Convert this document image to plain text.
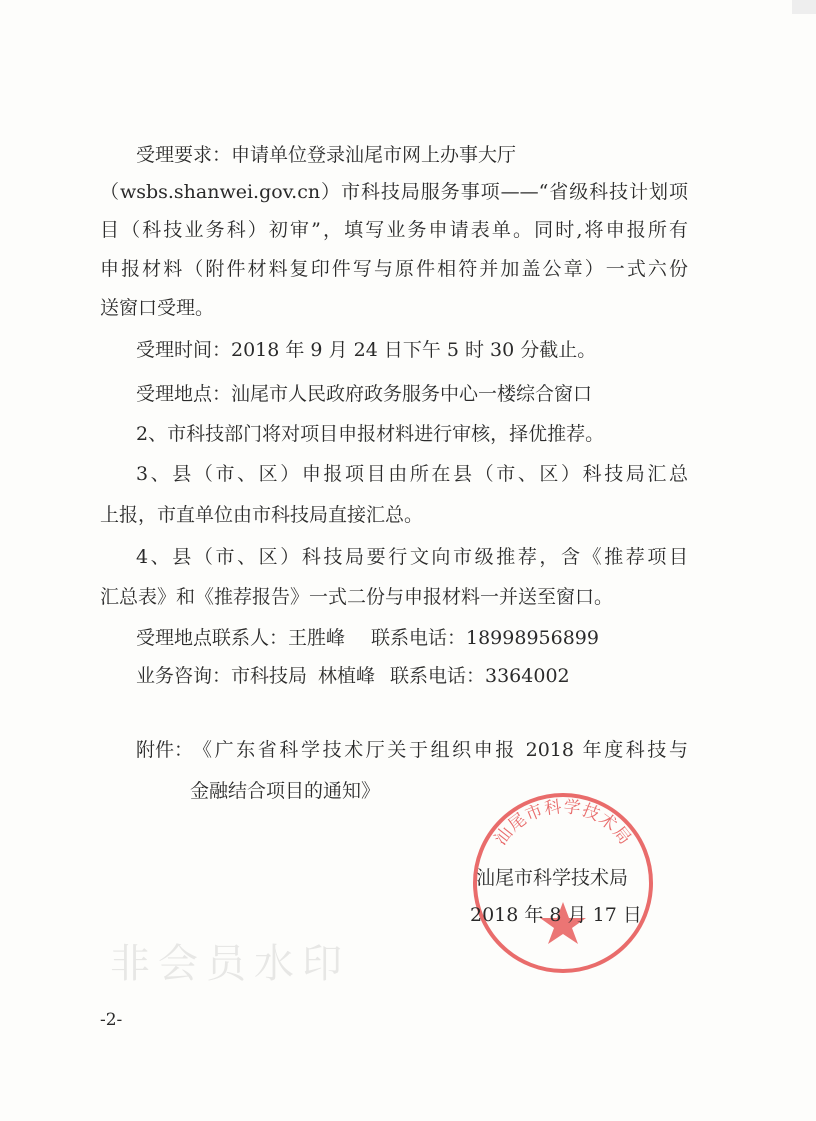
非会员水印
受理要求：申请单位登录汕尾市网上办事大厅
（wsbs.shanwei.gov.cn）市科技局服务事项——“省级科技计划项
目（科技业务科）初审”，填写业务申请表单。同时,将申报所有
申报材料（附件材料复印件写与原件相符并加盖公章）一式六份
送窗口受理。
受理时间：2018 年 9 月 24 日下午 5 时 30 分截止。
受理地点：汕尾市人民政府政务服务中心一楼综合窗口
2、市科技部门将对项目申报材料进行审核，择优推荐。
3、县（市、区）申报项目由所在县（市、区）科技局汇总
上报，市直单位由市科技局直接汇总。
4、县（市、区）科技局要行文向市级推荐，含《推荐项目
汇总表》和《推荐报告》一式二份与申报材料一并送至窗口。
受理地点联系人：王胜峰 联系电话：18998956899
业务咨询：市科技局 林植峰 联系电话：3364002
附件： 《广东省科学技术厅关于组织申报 2018 年度科技与
金融结合项目的通知》
汕尾市科学技术局
汕尾市科学技术局
2018 年 8 月 17 日
-2-
